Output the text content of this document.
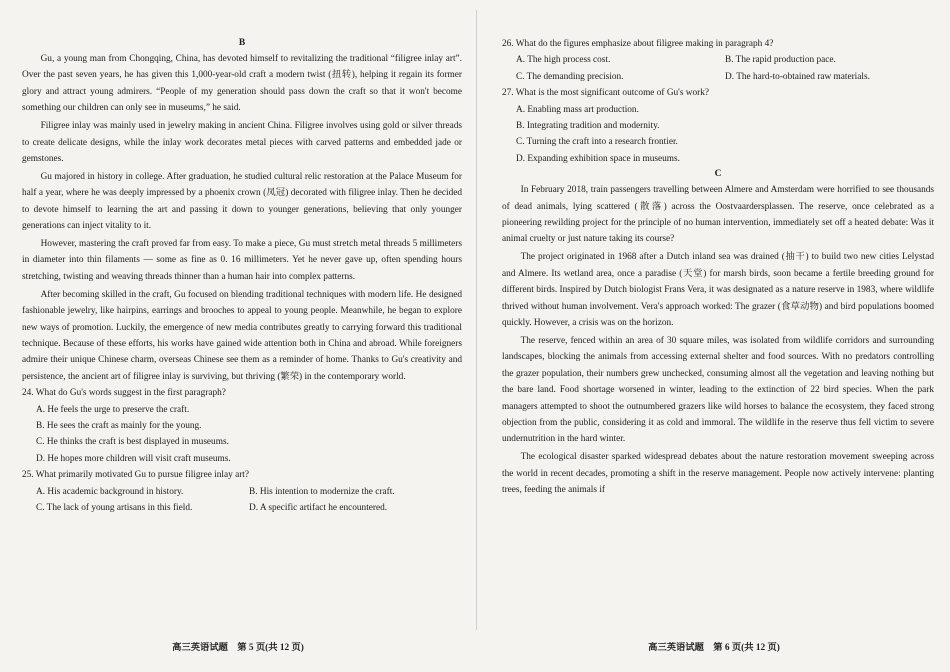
B

Gu, a young man from Chongqing, China, has devoted himself to revitalizing the traditional “filigree inlay art”. Over the past seven years, he has given this 1,000-year-old craft a modern twist (扭转), helping it regain its former glory and attract young admirers. “People of my generation should pass down the craft so that it won't become something our children can only see in museums,” he said.

Filigree inlay was mainly used in jewelry making in ancient China. Filigree involves using gold or silver threads to create delicate designs, while the inlay work decorates metal pieces with carved patterns and embedded jade or gemstones.

Gu majored in history in college. After graduation, he studied cultural relic restoration at the Palace Museum for half a year, where he was deeply impressed by a phoenix crown (凤冠) decorated with filigree inlay. Then he decided to devote himself to learning the art and passing it down to younger generations, believing that only younger generations can inject vitality to it.

However, mastering the craft proved far from easy. To make a piece, Gu must stretch metal threads 5 millimeters in diameter into thin filaments — some as fine as 0. 16 millimeters. Yet he never gave up, often spending hours stretching, twisting and weaving threads thinner than a human hair into complex patterns.

After becoming skilled in the craft, Gu focused on blending traditional techniques with modern life. He designed fashionable jewelry, like hairpins, earrings and brooches to appeal to young people. Meanwhile, he began to explore new ways of promotion. Luckily, the emergence of new media contributes greatly to carrying forward this traditional technique. Because of these efforts, his works have gained wide attention both in China and abroad. While foreigners admire their unique Chinese charm, overseas Chinese see them as a reminder of home. Thanks to Gu's creativity and persistence, the ancient art of filigree inlay is surviving, but thriving (繁荣) in the contemporary world.

24. What do Gu's words suggest in the first paragraph?

A. He feels the urge to preserve the craft.

B. He sees the craft as mainly for the young.

C. He thinks the craft is best displayed in museums.

D. He hopes more children will visit craft museums.

25. What primarily motivated Gu to pursue filigree inlay art?

A. His academic background in history.	B. His intention to modernize the craft.
C. The lack of young artisans in this field.	D. A specific artifact he encountered.
高三英语试题　第 5 页(共 12 页)

26. What do the figures emphasize about filigree making in paragraph 4?

A. The high process cost.	B. The rapid production pace.
C. The demanding precision.	D. The hard-to-obtained raw materials.

27. What is the most significant outcome of Gu's work?

A. Enabling mass art production.

B. Integrating tradition and modernity.

C. Turning the craft into a research frontier.

D. Expanding exhibition space in museums.

C

In February 2018, train passengers travelling between Almere and Amsterdam were horrified to see thousands of dead animals, lying scattered (散落) across the Oostvaardersplassen. The reserve, once celebrated as a pioneering rewilding project for the principle of no human intervention, immediately set off a heated debate: Was it animal cruelty or just nature taking its course?

The project originated in 1968 after a Dutch inland sea was drained (抽干) to build two new cities Lelystad and Almere. Its wetland area, once a paradise (天堂) for marsh birds, soon became a fertile breeding ground for different birds. Inspired by Dutch biologist Frans Vera, it was designated as a nature reserve in 1983, where wildlife thrived without human involvement. Vera's approach worked: The grazer (食草动物) and bird populations boomed quickly. However, a crisis was on the horizon.

The reserve, fenced within an area of 30 square miles, was isolated from wildlife corridors and surrounding landscapes, blocking the animals from accessing external shelter and food sources. With no predators controlling the grazer population, their numbers grew unchecked, consuming almost all the vegetation and leaving nothing but the bare land. Food shortage worsened in winter, leading to the extinction of 22 bird species. When the park managers attempted to shoot the outnumbered grazers like wild horses to balance the ecosystem, they faced strong objection from the public, considering it as cold and immoral. The wildlife in the reserve thus fell victim to severe undernutrition in the hard winter.

The ecological disaster sparked widespread debates about the nature restoration movement sweeping across the world in recent decades, promoting a shift in the reserve management. People now actively intervene: planting trees, feeding the animals if

高三英语试题　第 6 页(共 12 页)
